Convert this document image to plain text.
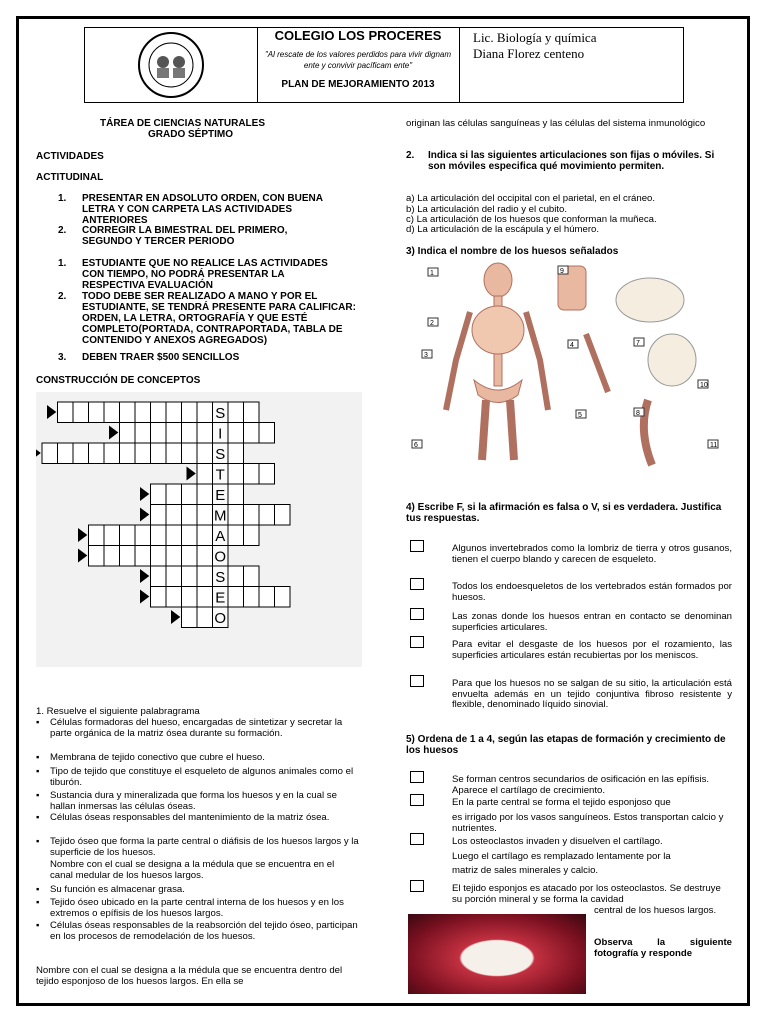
COLEGIO LOS PROCERES
"Al rescate de los valores perdidos para vivir dignam ente y convivir pacíficam ente"
PLAN DE MEJORAMIENTO 2013
Lic. Biología y química
Diana Florez centeno
TÁREA DE CIENCIAS NATURALES
GRADO SÉPTIMO
ACTIVIDADES
ACTITUDINAL
1. PRESENTAR EN ADSOLUTO ORDEN, CON BUENA LETRA Y CON CARPETA LAS ACTIVIDADES ANTERIORES
2. CORREGIR LA BIMESTRAL DEL PRIMERO, SEGUNDO Y TERCER PERIODO
1. ESTUDIANTE QUE NO REALICE LAS ACTIVIDADES CON TIEMPO, NO PODRÁ PRESENTAR LA RESPECTIVA EVALUACIÓN
2. TODO DEBE SER REALIZADO A MANO Y POR EL ESTUDIANTE, SE TENDRÁ PRESENTE PARA CALIFICAR: ORDEN, LA LETRA, ORTOGRAFÍA Y QUE ESTÉ COMPLETO(PORTADA, CONTRAPORTADA, TABLA DE CONTENIDO Y ANEXOS AGREGADOS)
3. DEBEN TRAER $500 SENCILLOS
CONSTRUCCIÓN DE CONCEPTOS
S
I
S
T
E
M
A
O
S
E
O
1. Resuelve el siguiente palabragrama
▪ Células formadoras del hueso, encargadas de sintetizar y secretar la parte orgánica de la matriz ósea durante su formación.
▪ Membrana de tejido conectivo que cubre el hueso.
▪ Tipo de tejido que constituye el esqueleto de algunos animales como el tiburón.
▪ Sustancia dura y mineralizada que forma los huesos y en la cual se hallan inmersas las células óseas.
▪ Células óseas responsables del mantenimiento de la matriz ósea.
▪ Tejido óseo que forma la parte central o diáfisis de los huesos largos y la superficie de los huesos.
Nombre con el cual se designa a la médula que se encuentra en el canal medular de los huesos largos.
▪ Su función es almacenar grasa.
▪ Tejido óseo ubicado en la parte central interna de los huesos y en los extremos o epífisis de los huesos largos.
▪ Células óseas responsables de la reabsorción del tejido óseo, participan en los procesos de remodelación de los huesos.
Nombre con el cual se designa a la médula que se encuentra dentro del tejido esponjoso de los huesos largos. En ella se
originan las células sanguíneas y las células del sistema inmunológico
2. Indica si las siguientes articulaciones son fijas o móviles. Si son móviles especifica qué movimiento permiten.
a) La articulación del occipital con el parietal, en el cráneo.
b) La articulación del radio y el cubito.
c) La articulación de los huesos que conforman la muñeca.
d) La articulación de la escápula y el húmero.
3) Indica el nombre de los huesos señalados
1
2
3
4
5
6
7
8
9
10
11
4) Escribe F, si la afirmación es falsa o V, si es verdadera. Justifica tus respuestas.
Algunos invertebrados como la lombriz de tierra y otros gusanos, tienen el cuerpo blando y carecen de esqueleto.
Todos los endoesqueletos de los vertebrados están formados por huesos.
Las zonas donde los huesos entran en contacto se denominan superficies articulares.
Para evitar el desgaste de los huesos por el rozamiento, las superficies articulares están recubiertas por los meniscos.
Para que los huesos no se salgan de su sitio, la articulación está envuelta además en un tejido conjuntiva fibroso resistente y flexible, denominado líquido sinovial.
5) Ordena de 1 a 4, según las etapas de formación y crecimiento de los huesos
Se forman centros secundarios de osificación en las epífisis. Aparece el cartílago de crecimiento.
En la parte central se forma el tejido esponjoso que
es irrigado por los vasos sanguíneos. Estos transportan calcio y nutrientes.
Los osteoclastos invaden y disuelven el cartílago.
Luego el cartílago es remplazado lentamente por la
matriz de sales minerales y calcio.
El tejido esponjos es atacado por los osteoclastos. Se destruye su porción mineral y se forma la cavidad
central de los huesos largos.
Observa la siguiente fotografía y responde
